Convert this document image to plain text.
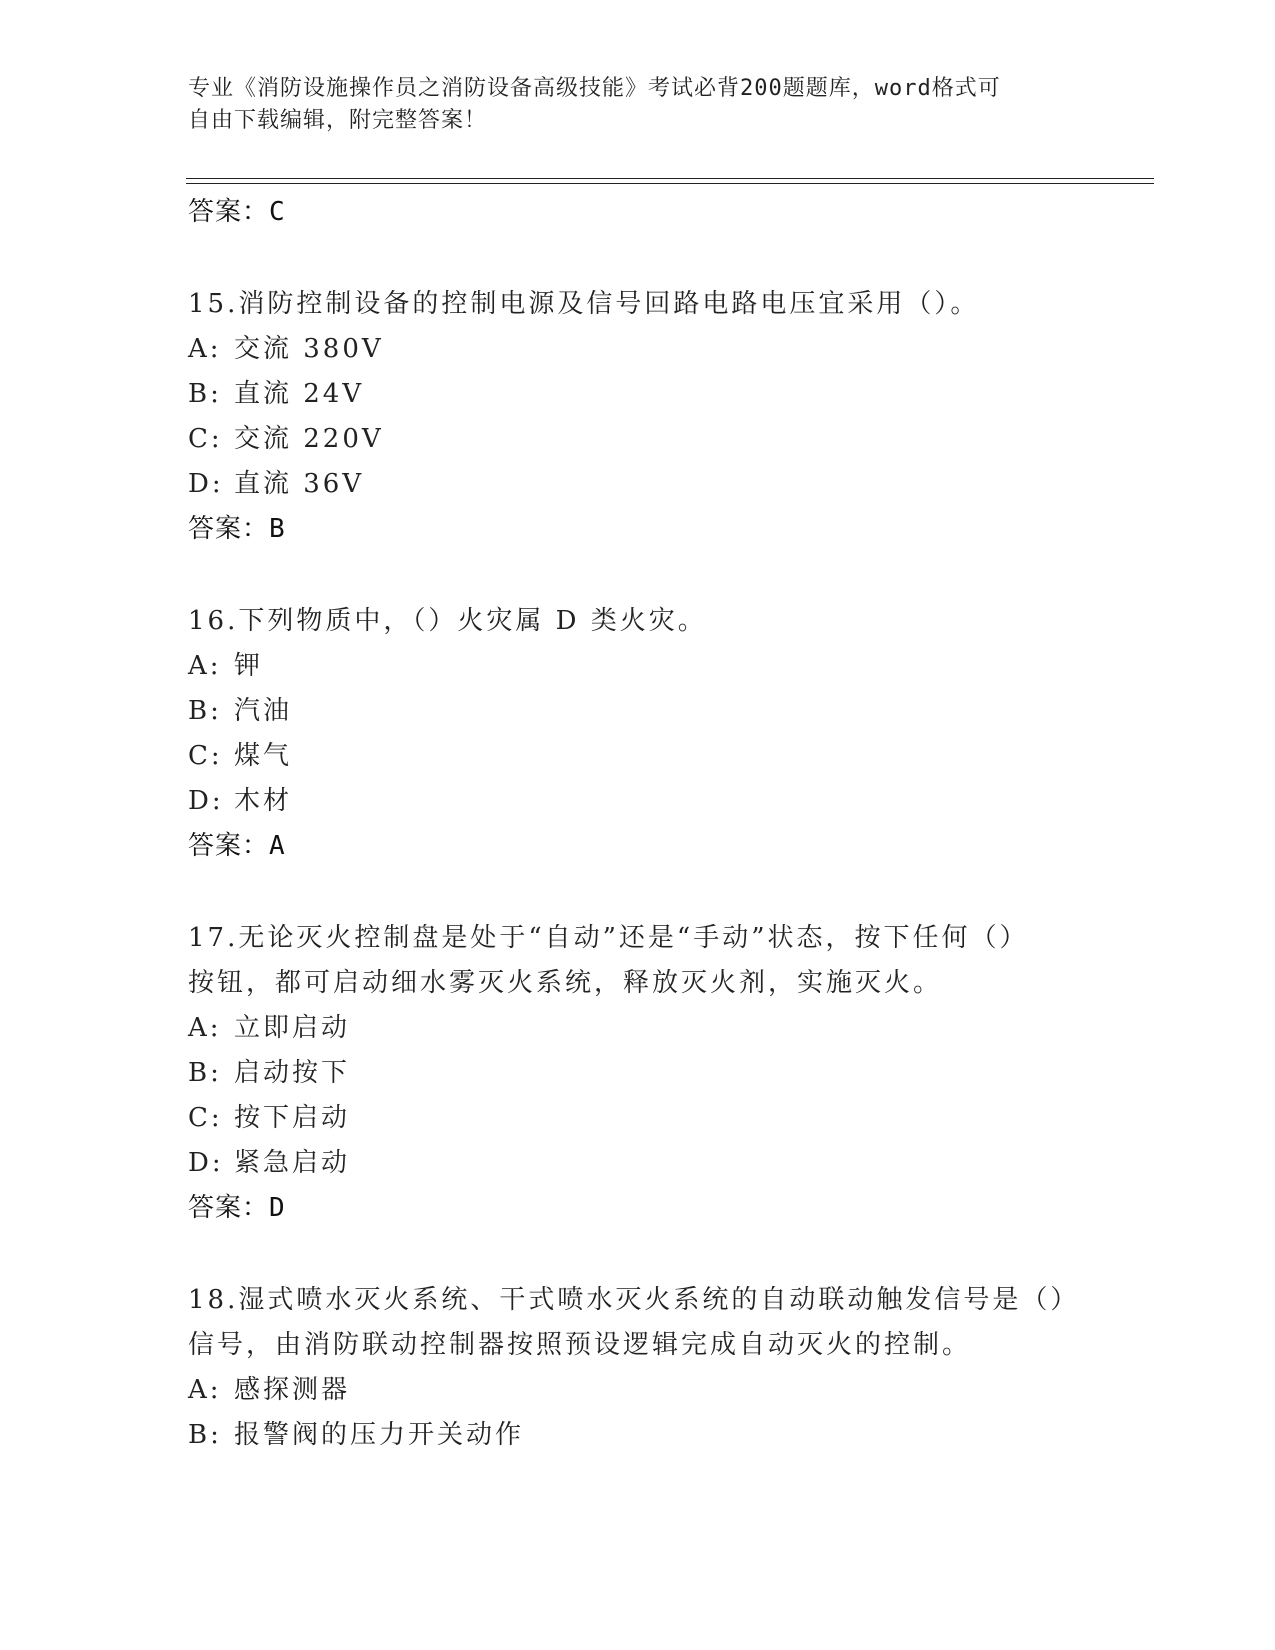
专业《消防设施操作员之消防设备高级技能》考试必背200题题库，word格式可
自由下载编辑，附完整答案！
答案：C
15.消防控制设备的控制电源及信号回路电路电压宜采用（）。
A: 交流 380V
B: 直流 24V
C: 交流 220V
D: 直流 36V
答案：B
16.下列物质中，（）火灾属 D 类火灾。
A: 钾
B: 汽油
C: 煤气
D: 木材
答案：A
17.无论灭火控制盘是处于“自动”还是“手动”状态，按下任何（）
按钮，都可启动细水雾灭火系统，释放灭火剂，实施灭火。
A: 立即启动
B: 启动按下
C: 按下启动
D: 紧急启动
答案：D
18.湿式喷水灭火系统、干式喷水灭火系统的自动联动触发信号是（）
信号，由消防联动控制器按照预设逻辑完成自动灭火的控制。
A: 感探测器
B: 报警阀的压力开关动作
